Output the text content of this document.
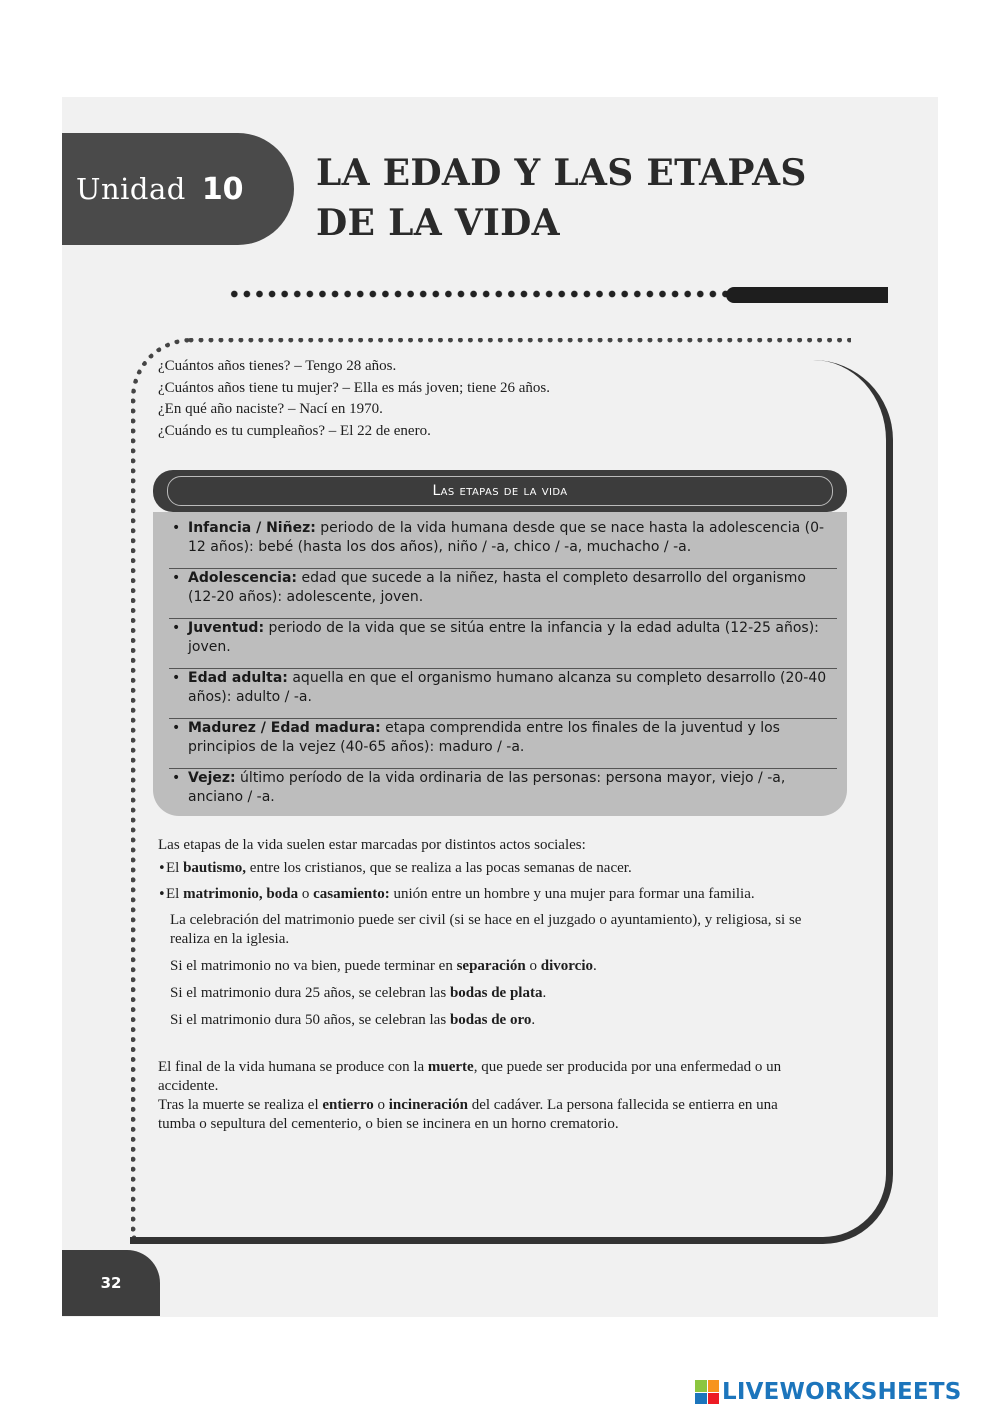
Unidad 10 LA EDAD Y LAS ETAPAS
DE LA VIDA
¿Cuántos años tienes? – Tengo 28 años.
¿Cuántos años tiene tu mujer? – Ella es más joven; tiene 26 años.
¿En qué año naciste? – Nací en 1970.
¿Cuándo es tu cumpleaños? – El 22 de enero.
Las etapas de la vida
• Infancia / Niñez: periodo de la vida humana desde que se nace hasta la adolescencia (0-12 años): bebé (hasta los dos años), niño / -a, chico / -a, muchacho / -a.
• Adolescencia: edad que sucede a la niñez, hasta el completo desarrollo del organismo (12-20 años): adolescente, joven.
• Juventud: periodo de la vida que se sitúa entre la infancia y la edad adulta (12-25 años): joven.
• Edad adulta: aquella en que el organismo humano alcanza su completo desarrollo (20-40 años): adulto / -a.
• Madurez / Edad madura: etapa comprendida entre los finales de la juventud y los principios de la vejez (40-65 años): maduro / -a.
• Vejez: último período de la vida ordinaria de las personas: persona mayor, viejo / -a, anciano / -a.

Las etapas de la vida suelen estar marcadas por distintos actos sociales:

• El bautismo, entre los cristianos, que se realiza a las pocas semanas de nacer.

• El matrimonio, boda o casamiento: unión entre un hombre y una mujer para formar una familia.

La celebración del matrimonio puede ser civil (si se hace en el juzgado o ayuntamiento), y religiosa, si se realiza en la iglesia.

Si el matrimonio no va bien, puede terminar en separación o divorcio.

Si el matrimonio dura 25 años, se celebran las bodas de plata.

Si el matrimonio dura 50 años, se celebran las bodas de oro.

El final de la vida humana se produce con la muerte, que puede ser producida por una enfermedad o un accidente.

Tras la muerte se realiza el entierro o incineración del cadáver. La persona fallecida se entierra en una tumba o sepultura del cementerio, o bien se incinera en un horno crematorio.

32
LIVEWORKSHEETS
